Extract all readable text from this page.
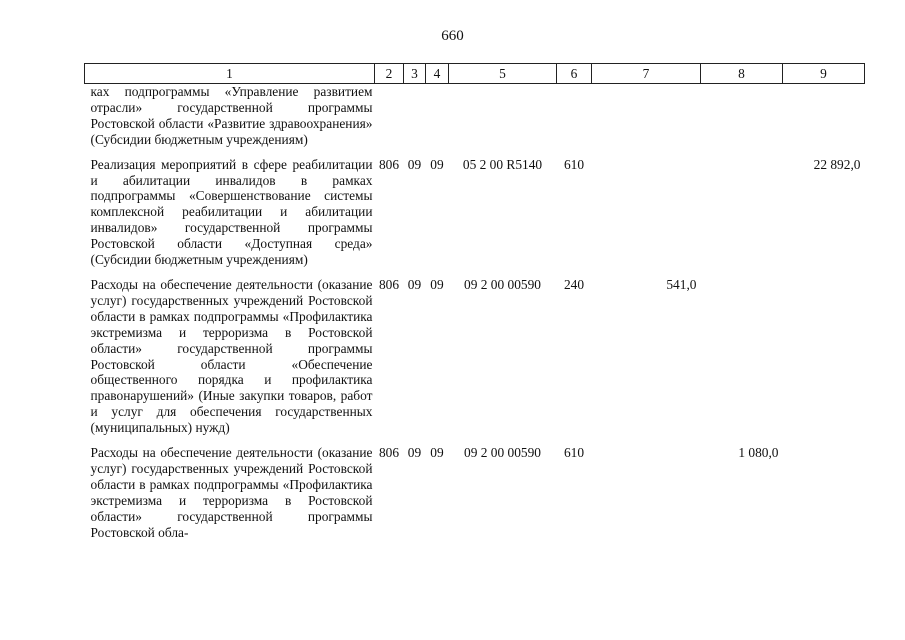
660
1	2	3	4	5	6	7	8	9
ках подпрограммы «Управление развитием отрасли» государственной программы Ростовской области «Развитие здравоохранения» (Субсидии бюджетным учреждениям)								
Реализация мероприятий в сфере реабилитации и абилитации инвалидов в рамках подпрограммы «Совершенствование системы комплексной реабилитации и абилитации инвалидов» государственной программы Ростовской области «Доступная среда» (Субсидии бюджетным учреждениям)	806	09	09	05 2 00 R5140	610			22 892,0
Расходы на обеспечение деятельности (оказание услуг) государственных учреждений Ростовской области в рамках подпрограммы «Профилактика экстремизма и терроризма в Ростовской области» государственной программы Ростовской области «Обеспечение общественного порядка и профилактика правонарушений» (Иные закупки товаров, работ и услуг для обеспечения государственных (муниципальных) нужд)	806	09	09	09 2 00 00590	240	541,0		
Расходы на обеспечение деятельности (оказание услуг) государственных учреждений Ростовской области в рамках подпрограммы «Профилактика экстремизма и терроризма в Ростовской области» государственной программы Ростовской обла-	806	09	09	09 2 00 00590	610		1 080,0	
